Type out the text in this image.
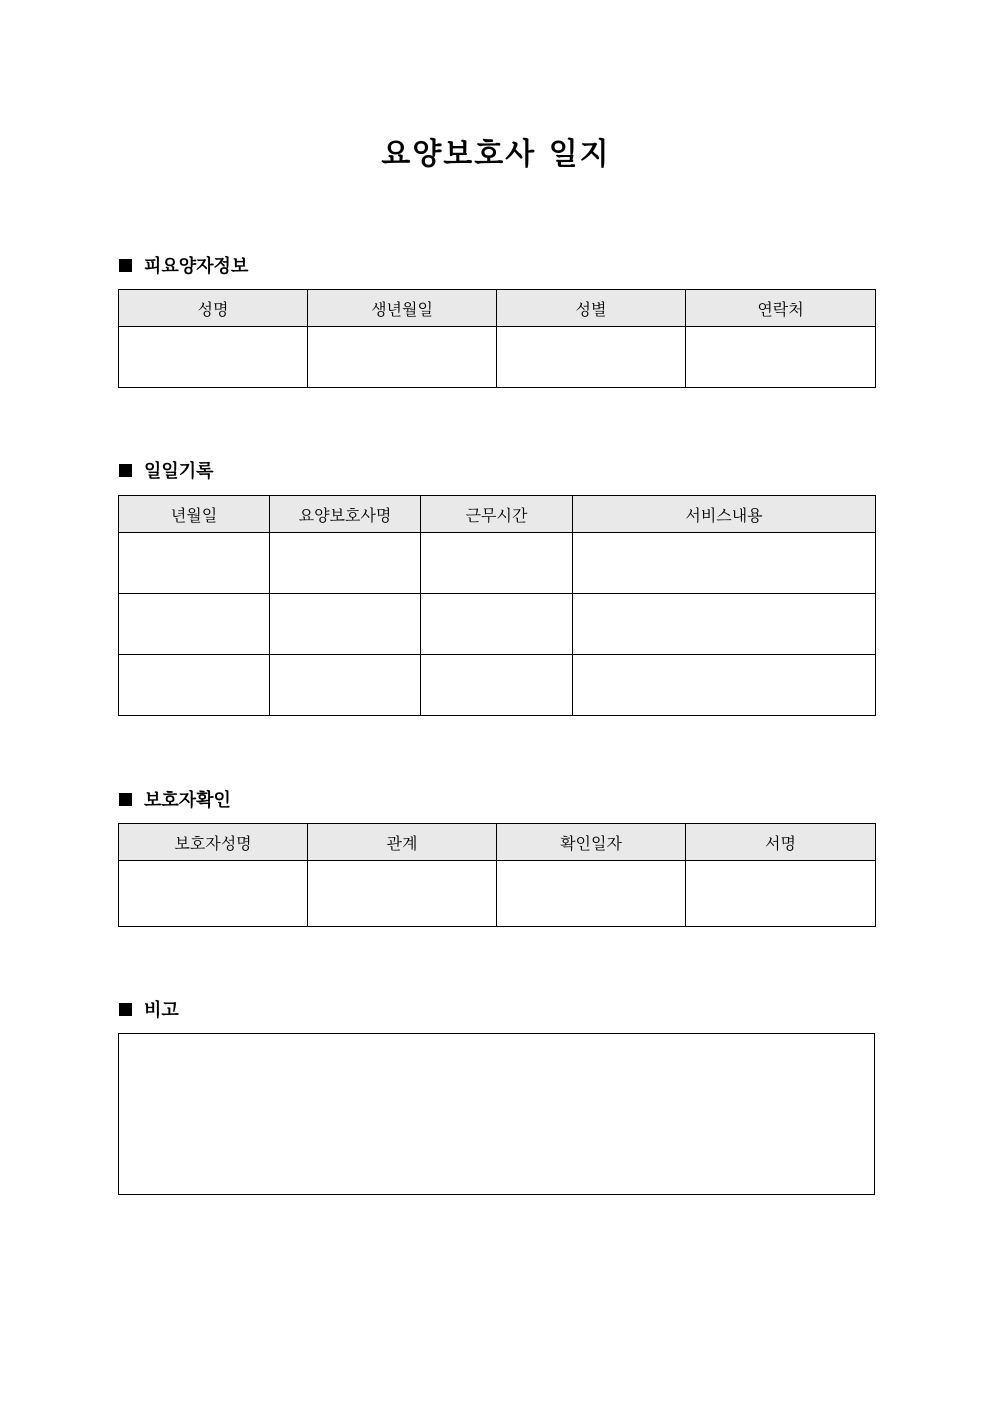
요양보호사 일지
피요양자정보
성명	생년월일	성별	연락처

일일기록
년월일	요양보호사명	근무시간	서비스내용

보호자확인
보호자성명	관계	확인일자	서명

비고
